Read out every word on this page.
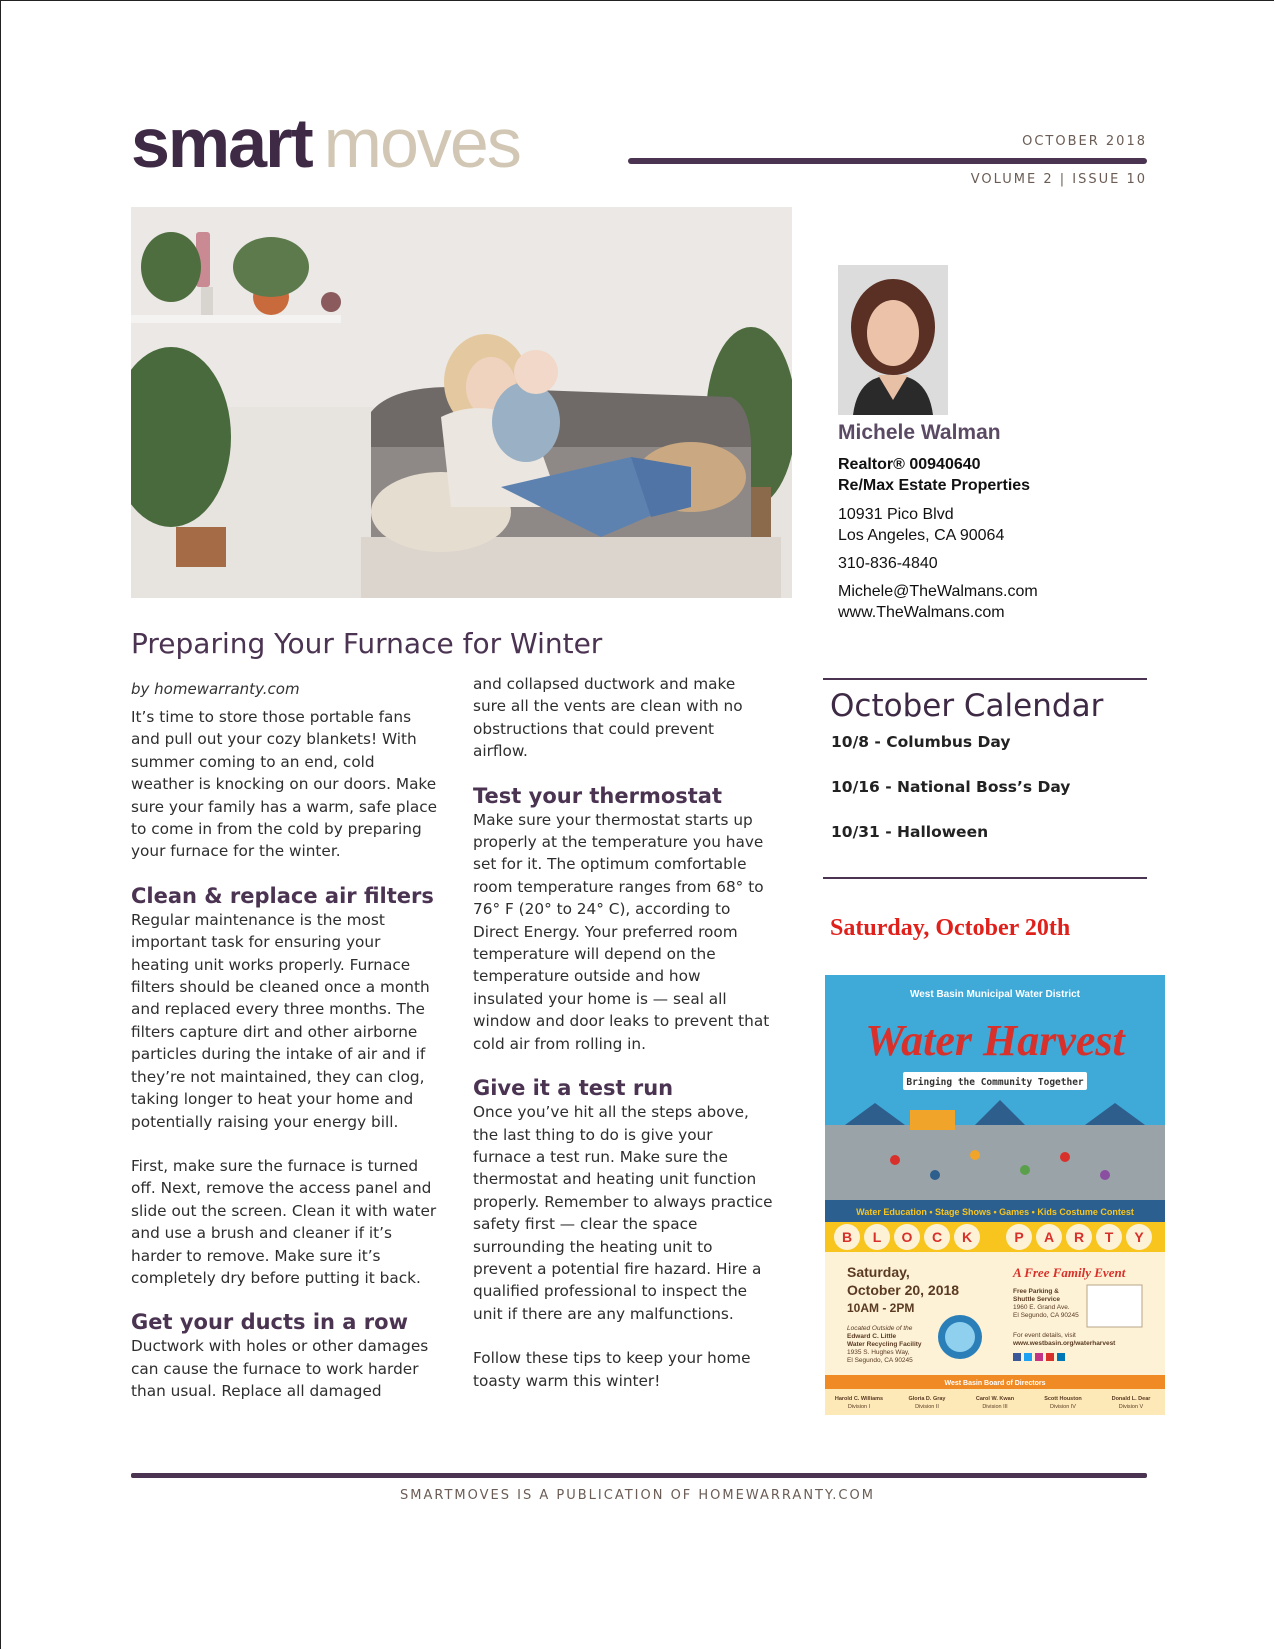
smart moves	OCTOBER 2018
VOLUME 2 | ISSUE 10
Michele Walman
Realtor® 00940640
Re/Max Estate Properties
10931 Pico Blvd
Los Angeles, CA 90064
310-836-4840
Michele@TheWalmans.com
www.TheWalmans.com
Preparing Your Furnace for Winter
by homewarranty.com

It’s time to store those portable fans and pull out your cozy blankets! With summer coming to an end, cold weather is knocking on our doors. Make sure your family has a warm, safe place to come in from the cold by preparing your furnace for the winter.

Clean & replace air filters

Regular maintenance is the most important task for ensuring your heating unit works properly. Furnace filters should be cleaned once a month and replaced every three months. The filters capture dirt and other airborne particles during the intake of air and if they’re not maintained, they can clog, taking longer to heat your home and potentially raising your energy bill.

First, make sure the furnace is turned off. Next, remove the access panel and slide out the screen. Clean it with water and use a brush and cleaner if it’s harder to remove. Make sure it’s completely dry before putting it back.

Get your ducts in a row

Ductwork with holes or other damages can cause the furnace to work harder than usual. Replace all damaged

and collapsed ductwork and make sure all the vents are clean with no obstructions that could prevent airflow.

Test your thermostat

Make sure your thermostat starts up properly at the temperature you have set for it. The optimum comfortable room temperature ranges from 68° to 76° F (20° to 24° C), according to Direct Energy. Your preferred room temperature will depend on the temperature outside and how insulated your home is — seal all window and door leaks to prevent that cold air from rolling in.

Give it a test run

Once you’ve hit all the steps above, the last thing to do is give your furnace a test run. Make sure the thermostat and heating unit function properly. Remember to always practice safety first — clear the space surrounding the heating unit to prevent a potential fire hazard. Hire a qualified professional to inspect the unit if there are any malfunctions.

Follow these tips to keep your home toasty warm this winter!

October Calendar
10/8 - Columbus Day
10/16 - National Boss’s Day
10/31 - Halloween
Saturday, October 20th
West Basin Municipal Water District
Water Harvest
Bringing the Community Together
Water Education • Stage Shows • Games • Kids Costume Contest
B L O C K	P A R T Y
Saturday,
October 20, 2018
10AM - 2PM
Located Outside of the
Edward C. Little
Water Recycling Facility
1935 S. Hughes Way,
El Segundo, CA 90245
A Free Family Event
Free Parking &
Shuttle Service
1960 E. Grand Ave.
El Segundo, CA 90245
For event details, visit
www.westbasin.org/waterharvest
West Basin Board of Directors
Harold C. Williams
Division I
Gloria D. Gray
Division II
Carol W. Kwan
Division III
Scott Houston
Division IV
Donald L. Dear
Division V
SMARTMOVES IS A PUBLICATION OF HOMEWARRANTY.COM
